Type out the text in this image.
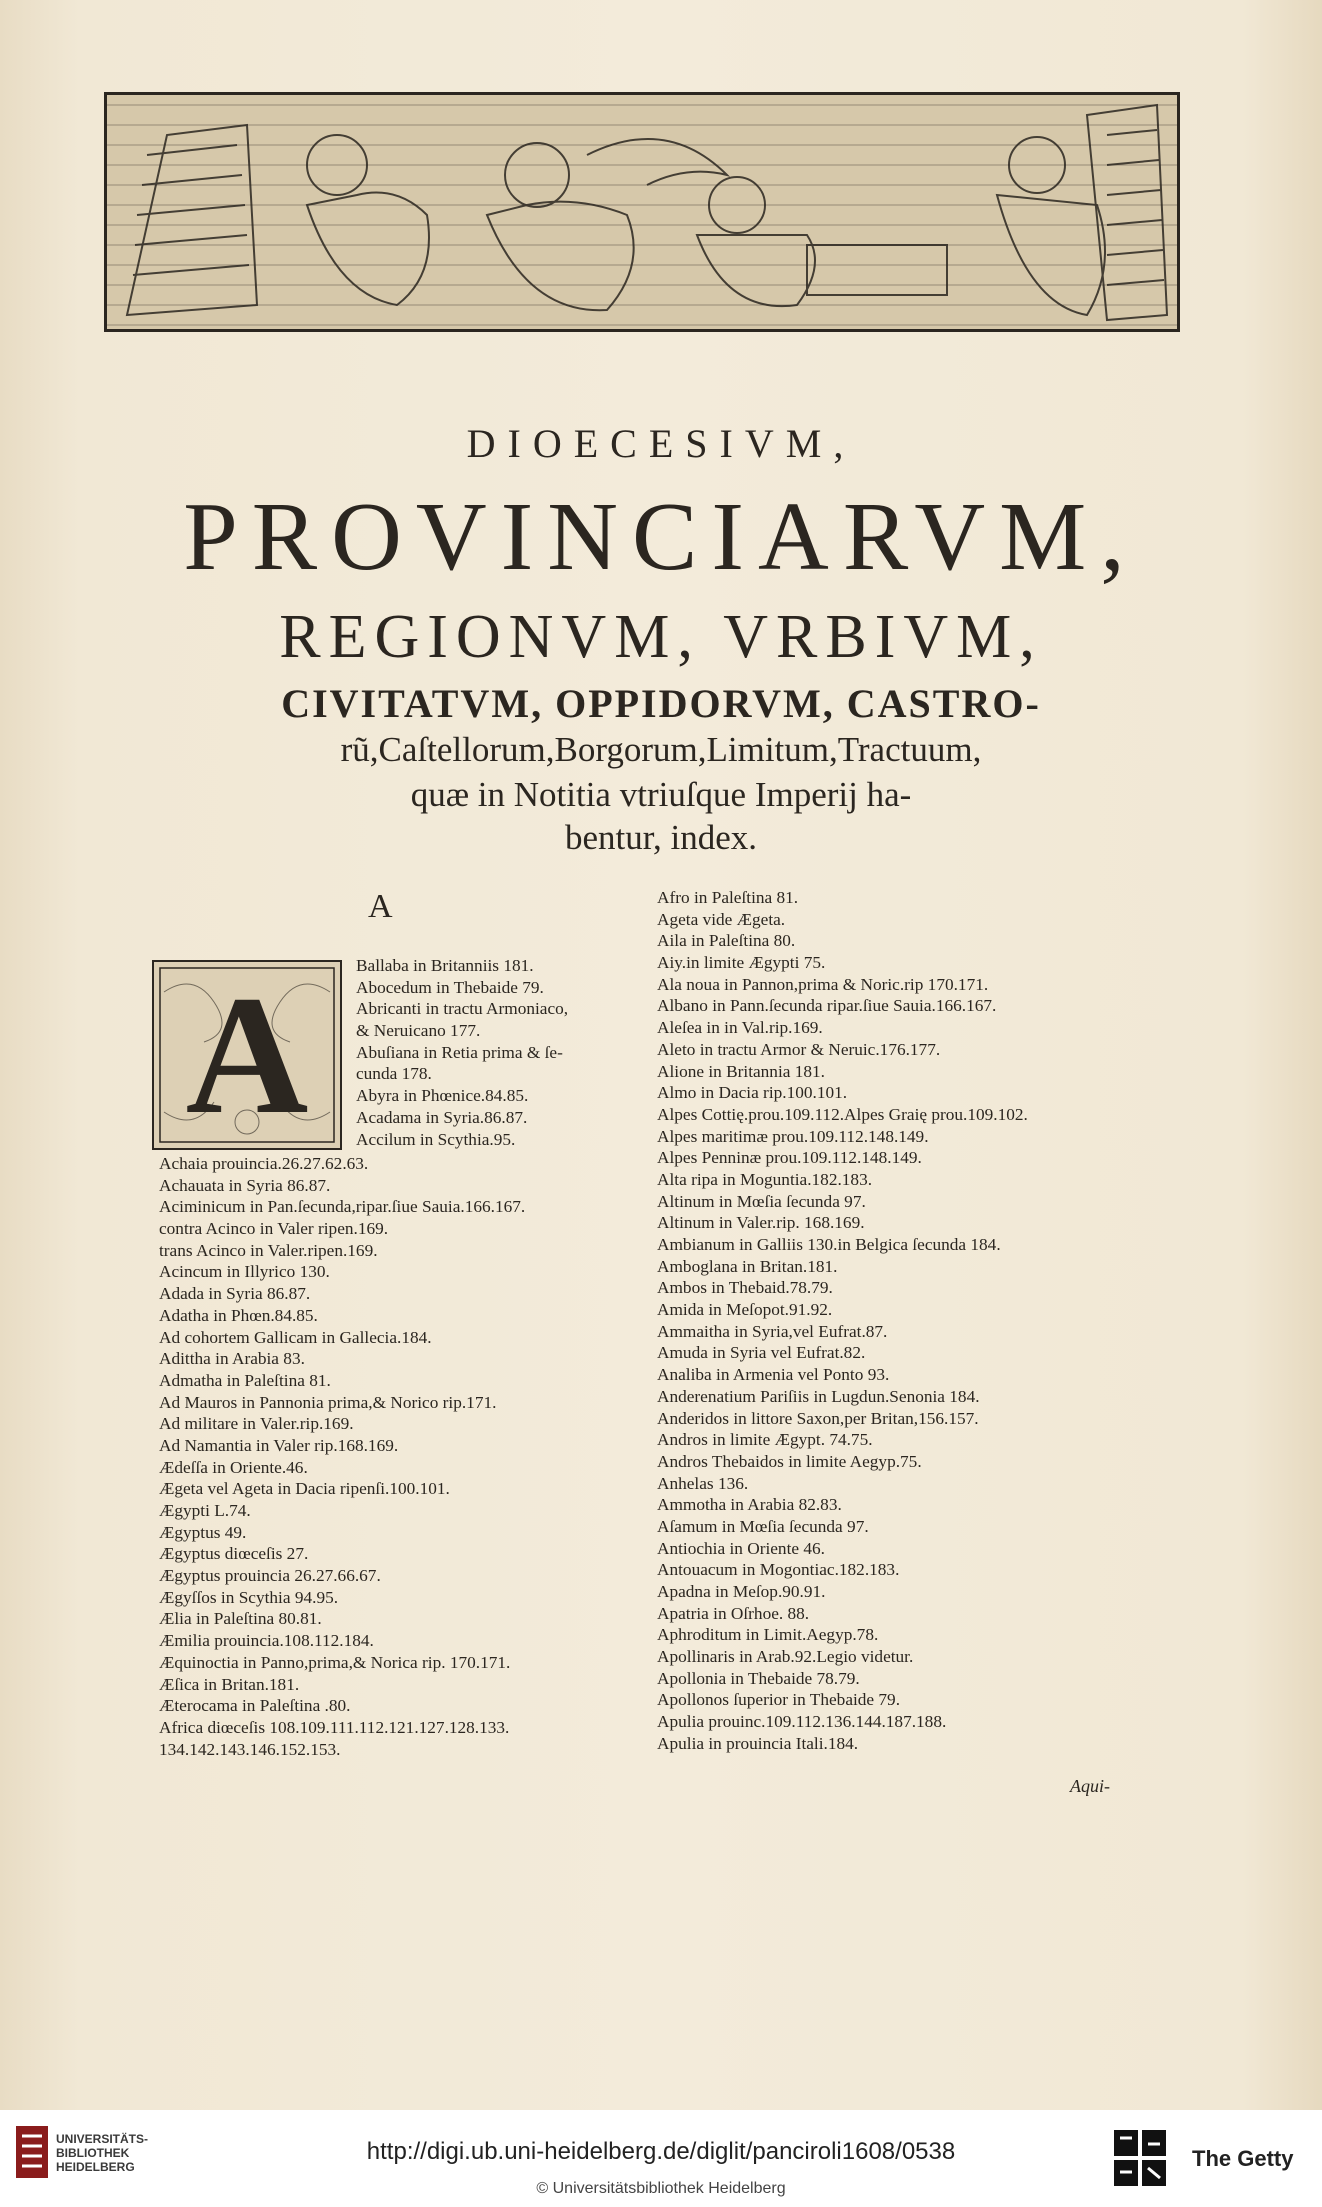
DIOECESIVM,
PROVINCIARVM,
REGIONVM, VRBIVM,
CIVITATVM, OPPIDORVM, CASTRO-
rũ,Caſtellorum,Borgorum,Limitum,Tractuum,
quæ in Notitia vtriuſque Imperij ha-
bentur, index.
A
A	Ballaba in Britanniis 181.
Abocedum in Thebaide 79.
Abricanti in tractu Armoniaco,
& Neruicano 177.
Abuſiana in Retia prima & ſe-
cunda 178.
Abyra in Phœnice.84.85.
Acadama in Syria.86.87.
Accilum in Scythia.95.
Achaia prouincia.26.27.62.63.
Achauata in Syria 86.87.
Aciminicum in Pan.ſecunda,ripar.ſiue Sauia.166.167.
contra Acinco in Valer ripen.169.
trans Acinco in Valer.ripen.169.
Acincum in Illyrico 130.
Adada in Syria 86.87.
Adatha in Phœn.84.85.
Ad cohortem Gallicam in Gallecia.184.
Adittha in Arabia 83.
Admatha in Paleſtina 81.
Ad Mauros in Pannonia prima,& Norico rip.171.
Ad militare in Valer.rip.169.
Ad Namantia in Valer rip.168.169.
Ædeſſa in Oriente.46.
Ægeta vel Ageta in Dacia ripenſi.100.101.
Ægypti L.74.
Ægyptus 49.
Ægyptus diœceſis 27.
Ægyptus prouincia 26.27.66.67.
Ægyſſos in Scythia 94.95.
Ælia in Paleſtina 80.81.
Æmilia prouincia.108.112.184.
Æquinoctia in Panno,prima,& Norica rip. 170.171.
Æſica in Britan.181.
Æterocama in Paleſtina .80.
Africa diœceſis 108.109.111.112.121.127.128.133.
134.142.143.146.152.153.
Afro in Paleſtina 81.
Ageta vide Ægeta.
Aila in Paleſtina 80.
Aiy.in limite Ægypti 75.
Ala noua in Pannon,prima & Noric.rip 170.171.
Albano in Pann.ſecunda ripar.ſiue Sauia.166.167.
Aleſea in in Val.rip.169.
Aleto in tractu Armor & Neruic.176.177.
Alione in Britannia 181.
Almo in Dacia rip.100.101.
Alpes Cottię.prou.109.112.Alpes Graię prou.109.102.
Alpes maritimæ prou.109.112.148.149.
Alpes Penninæ prou.109.112.148.149.
Alta ripa in Moguntia.182.183.
Altinum in Mœſia ſecunda 97.
Altinum in Valer.rip. 168.169.
Ambianum in Galliis 130.in Belgica ſecunda 184.
Amboglana in Britan.181.
Ambos in Thebaid.78.79.
Amida in Meſopot.91.92.
Ammaitha in Syria,vel Eufrat.87.
Amuda in Syria vel Eufrat.82.
Analiba in Armenia vel Ponto 93.
Anderenatium Pariſiis in Lugdun.Senonia 184.
Anderidos in littore Saxon,per Britan,156.157.
Andros in limite Ægypt. 74.75.
Andros Thebaidos in limite Aegyp.75.
Anhelas 136.
Ammotha in Arabia 82.83.
Aſamum in Mœſia ſecunda 97.
Antiochia in Oriente 46.
Antouacum in Mogontiac.182.183.
Apadna in Meſop.90.91.
Apatria in Oſrhoe. 88.
Aphroditum in Limit.Aegyp.78.
Apollinaris in Arab.92.Legio videtur.
Apollonia in Thebaide 78.79.
Apollonos ſuperior in Thebaide 79.
Apulia prouinc.109.112.136.144.187.188.
Apulia in prouincia Itali.184.
Aqui-
UNIVERSITÄTS-
BIBLIOTHEK
HEIDELBERG
http://digi.ub.uni-heidelberg.de/diglit/panciroli1608/0538
© Universitätsbibliothek Heidelberg
The Getty
